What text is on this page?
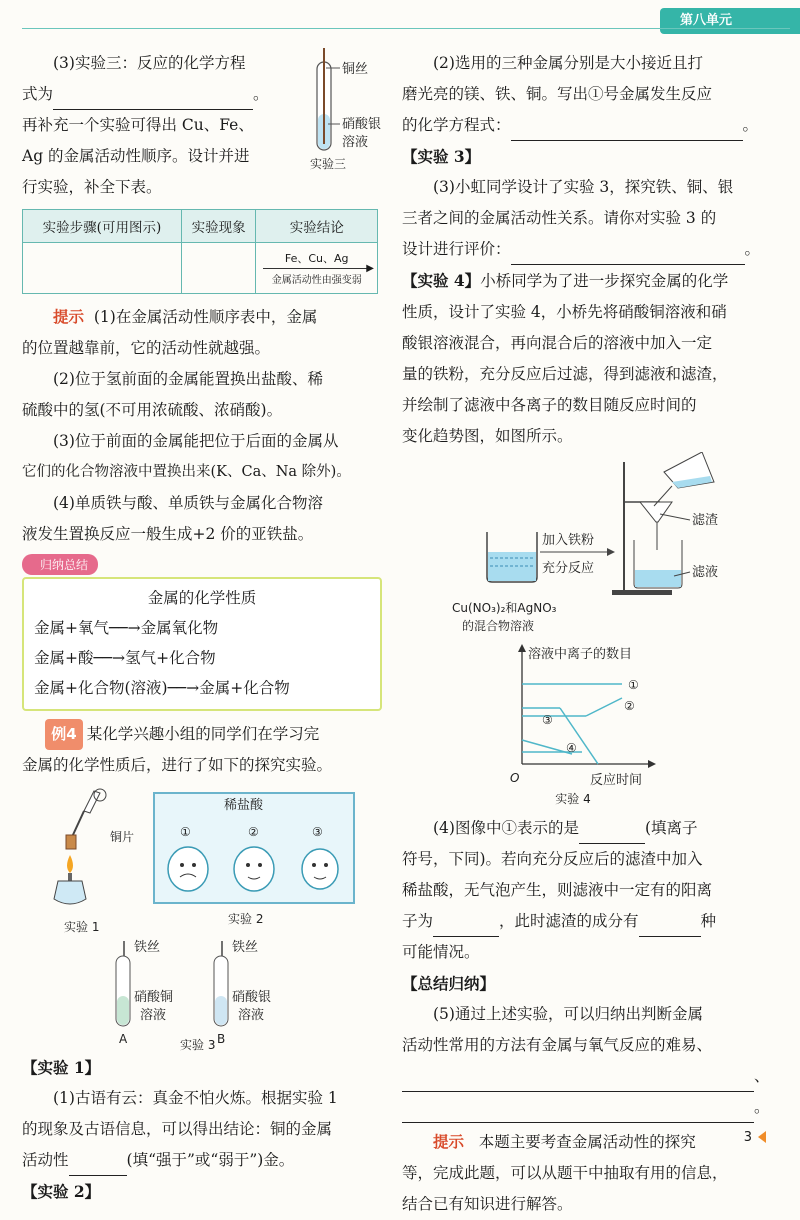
第八单元

(3)实验三：反应的化学方程

式为	。

再补充一个实验可得出 Cu、Fe、

Ag 的金属活动性顺序。设计并进

行实验，补全下表。

铜丝
硝酸银
溶液
实验三
实验步骤(可用图示)	实验现象	实验结论

		Fe、Cu、Ag
▶
金属活动性由强变弱

提示 (1)在金属活动性顺序表中，金属

的位置越靠前，它的活动性就越强。

(2)位于氢前面的金属能置换出盐酸、稀

硫酸中的氢(不可用浓硫酸、浓硝酸)。

(3)位于前面的金属能把位于后面的金属从

它们的化合物溶液中置换出来(K、Ca、Na 除外)。

(4)单质铁与酸、单质铁与金属化合物溶

液发生置换反应一般生成+2 价的亚铁盐。

归纳总结

金属的化学性质

金属+氧气──→金属氧化物

金属+酸──→氢气+化合物

金属+化合物(溶液)──→金属+化合物

例4 某化学兴趣小组的同学们在学习完

金属的化学性质后，进行了如下的探究实验。

铜片
实验 1
稀盐酸
①	②	③
实验 2
铁丝
硝酸铜
溶液
A
铁丝
硝酸银
溶液
B
实验 3

【实验 1】

(1)古语有云：真金不怕火炼。根据实验 1

的现象及古语信息，可以得出结论：铜的金属

活动性	(填“强于”或“弱于”)金。

【实验 2】

(2)选用的三种金属分别是大小接近且打

磨光亮的镁、铁、铜。写出①号金属发生反应

的化学方程式：	。

【实验 3】

(3)小虹同学设计了实验 3，探究铁、铜、银

三者之间的金属活动性关系。请你对实验 3 的

设计进行评价：	。

【实验 4】小桥同学为了进一步探究金属的化学

性质，设计了实验 4，小桥先将硝酸铜溶液和硝

酸银溶液混合，再向混合后的溶液中加入一定

量的铁粉，充分反应后过滤，得到滤液和滤渣，

并绘制了滤液中各离子的数目随反应时间的

变化趋势图，如图所示。

加入铁粉
充分反应
Cu(NO₃)₂和AgNO₃
的混合物溶液
滤渣
滤液
溶液中离子的数目
反应时间
O
①
②
③
④
实验 4

(4)图像中①表示的是	(填离子

符号，下同)。若向充分反应后的滤渣中加入

稀盐酸，无气泡产生，则滤液中一定有的阳离

子为	，此时滤渣的成分有	种

可能情况。

【总结归纳】

(5)通过上述实验，可以归纳出判断金属

活动性常用的方法有金属与氧气反应的难易、

、

。

提示 本题主要考查金属活动性的探究

等，完成此题，可以从题干中抽取有用的信息，

结合已有知识进行解答。

3
